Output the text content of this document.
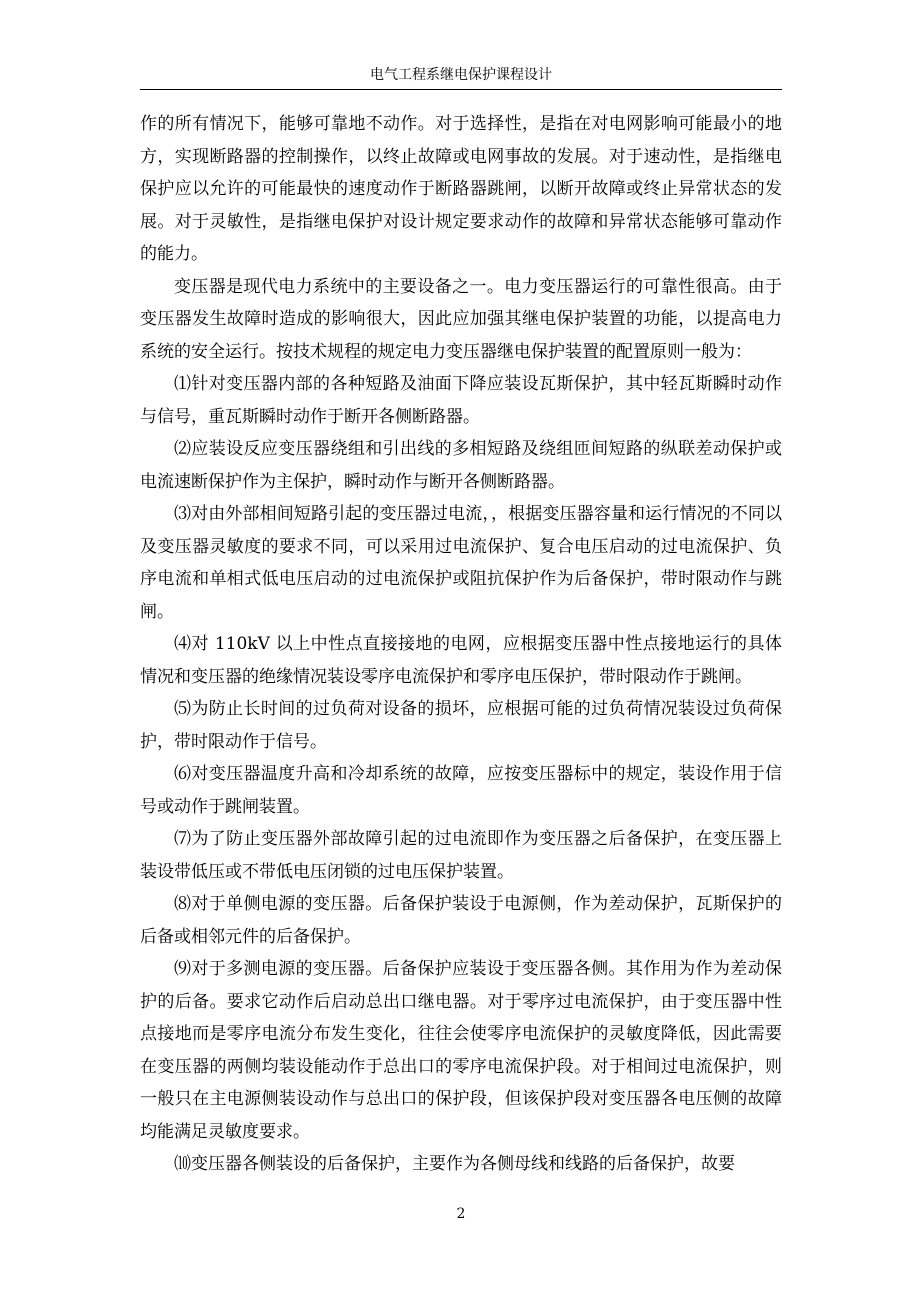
电气工程系继电保护课程设计

作的所有情况下，能够可靠地不动作。对于选择性，是指在对电网影响可能最小的地方，实现断路器的控制操作，以终止故障或电网事故的发展。对于速动性，是指继电保护应以允许的可能最快的速度动作于断路器跳闸，以断开故障或终止异常状态的发展。对于灵敏性，是指继电保护对设计规定要求动作的故障和异常状态能够可靠动作的能力。

变压器是现代电力系统中的主要设备之一。电力变压器运行的可靠性很高。由于变压器发生故障时造成的影响很大，因此应加强其继电保护装置的功能，以提高电力系统的安全运行。按技术规程的规定电力变压器继电保护装置的配置原则一般为：

⑴针对变压器内部的各种短路及油面下降应装设瓦斯保护，其中轻瓦斯瞬时动作与信号，重瓦斯瞬时动作于断开各侧断路器。

⑵应装设反应变压器绕组和引出线的多相短路及绕组匝间短路的纵联差动保护或电流速断保护作为主保护，瞬时动作与断开各侧断路器。

⑶对由外部相间短路引起的变压器过电流，，根据变压器容量和运行情况的不同以及变压器灵敏度的要求不同，可以采用过电流保护、复合电压启动的过电流保护、负序电流和单相式低电压启动的过电流保护或阻抗保护作为后备保护，带时限动作与跳闸。

⑷对 110kV 以上中性点直接接地的电网，应根据变压器中性点接地运行的具体情况和变压器的绝缘情况装设零序电流保护和零序电压保护，带时限动作于跳闸。

⑸为防止长时间的过负荷对设备的损坏，应根据可能的过负荷情况装设过负荷保护，带时限动作于信号。

⑹对变压器温度升高和冷却系统的故障，应按变压器标中的规定，装设作用于信号或动作于跳闸装置。

⑺为了防止变压器外部故障引起的过电流即作为变压器之后备保护，在变压器上装设带低压或不带低电压闭锁的过电压保护装置。

⑻对于单侧电源的变压器。后备保护装设于电源侧，作为差动保护，瓦斯保护的后备或相邻元件的后备保护。

⑼对于多测电源的变压器。后备保护应装设于变压器各侧。其作用为作为差动保护的后备。要求它动作后启动总出口继电器。对于零序过电流保护，由于变压器中性点接地而是零序电流分布发生变化，往往会使零序电流保护的灵敏度降低，因此需要在变压器的两侧均装设能动作于总出口的零序电流保护段。对于相间过电流保护，则一般只在主电源侧装设动作与总出口的保护段，但该保护段对变压器各电压侧的故障均能满足灵敏度要求。

⑽变压器各侧装设的后备保护，主要作为各侧母线和线路的后备保护，故要

2
